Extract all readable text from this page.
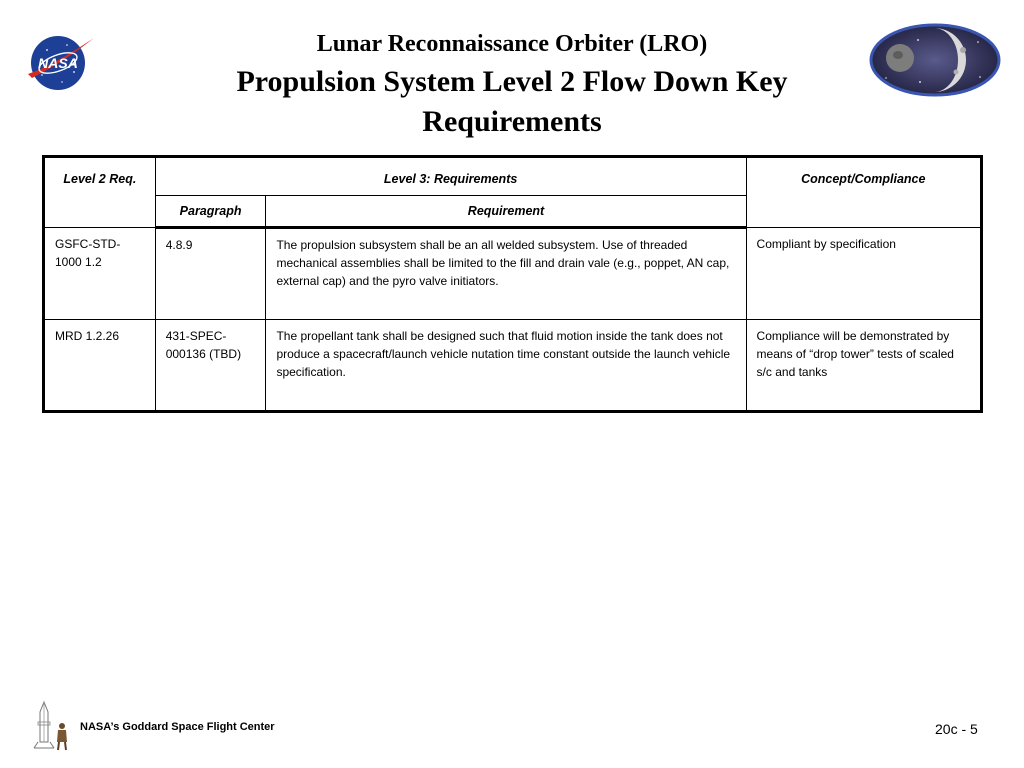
NASA
Lunar Reconnaissance Orbiter (LRO)
Propulsion System Level 2 Flow Down Key Requirements
Level 2 Req.	Level 3: Requirements		Concept/Compliance
	Paragraph	Requirement	
GSFC-STD-1000 1.2	4.8.9	The propulsion subsystem shall be an all welded subsystem. Use of threaded mechanical assemblies shall be limited to the fill and drain vale (e.g., poppet, AN cap, external cap) and the pyro valve initiators.	Compliant by specification
MRD 1.2.26	431-SPEC-000136 (TBD)	The propellant tank shall be designed such that fluid motion inside the tank does not produce a spacecraft/launch vehicle nutation time constant outside the launch vehicle specification.	Compliance will be demonstrated by means of “drop tower” tests of scaled s/c and tanks
NASA’s Goddard Space Flight Center	20c - 5
